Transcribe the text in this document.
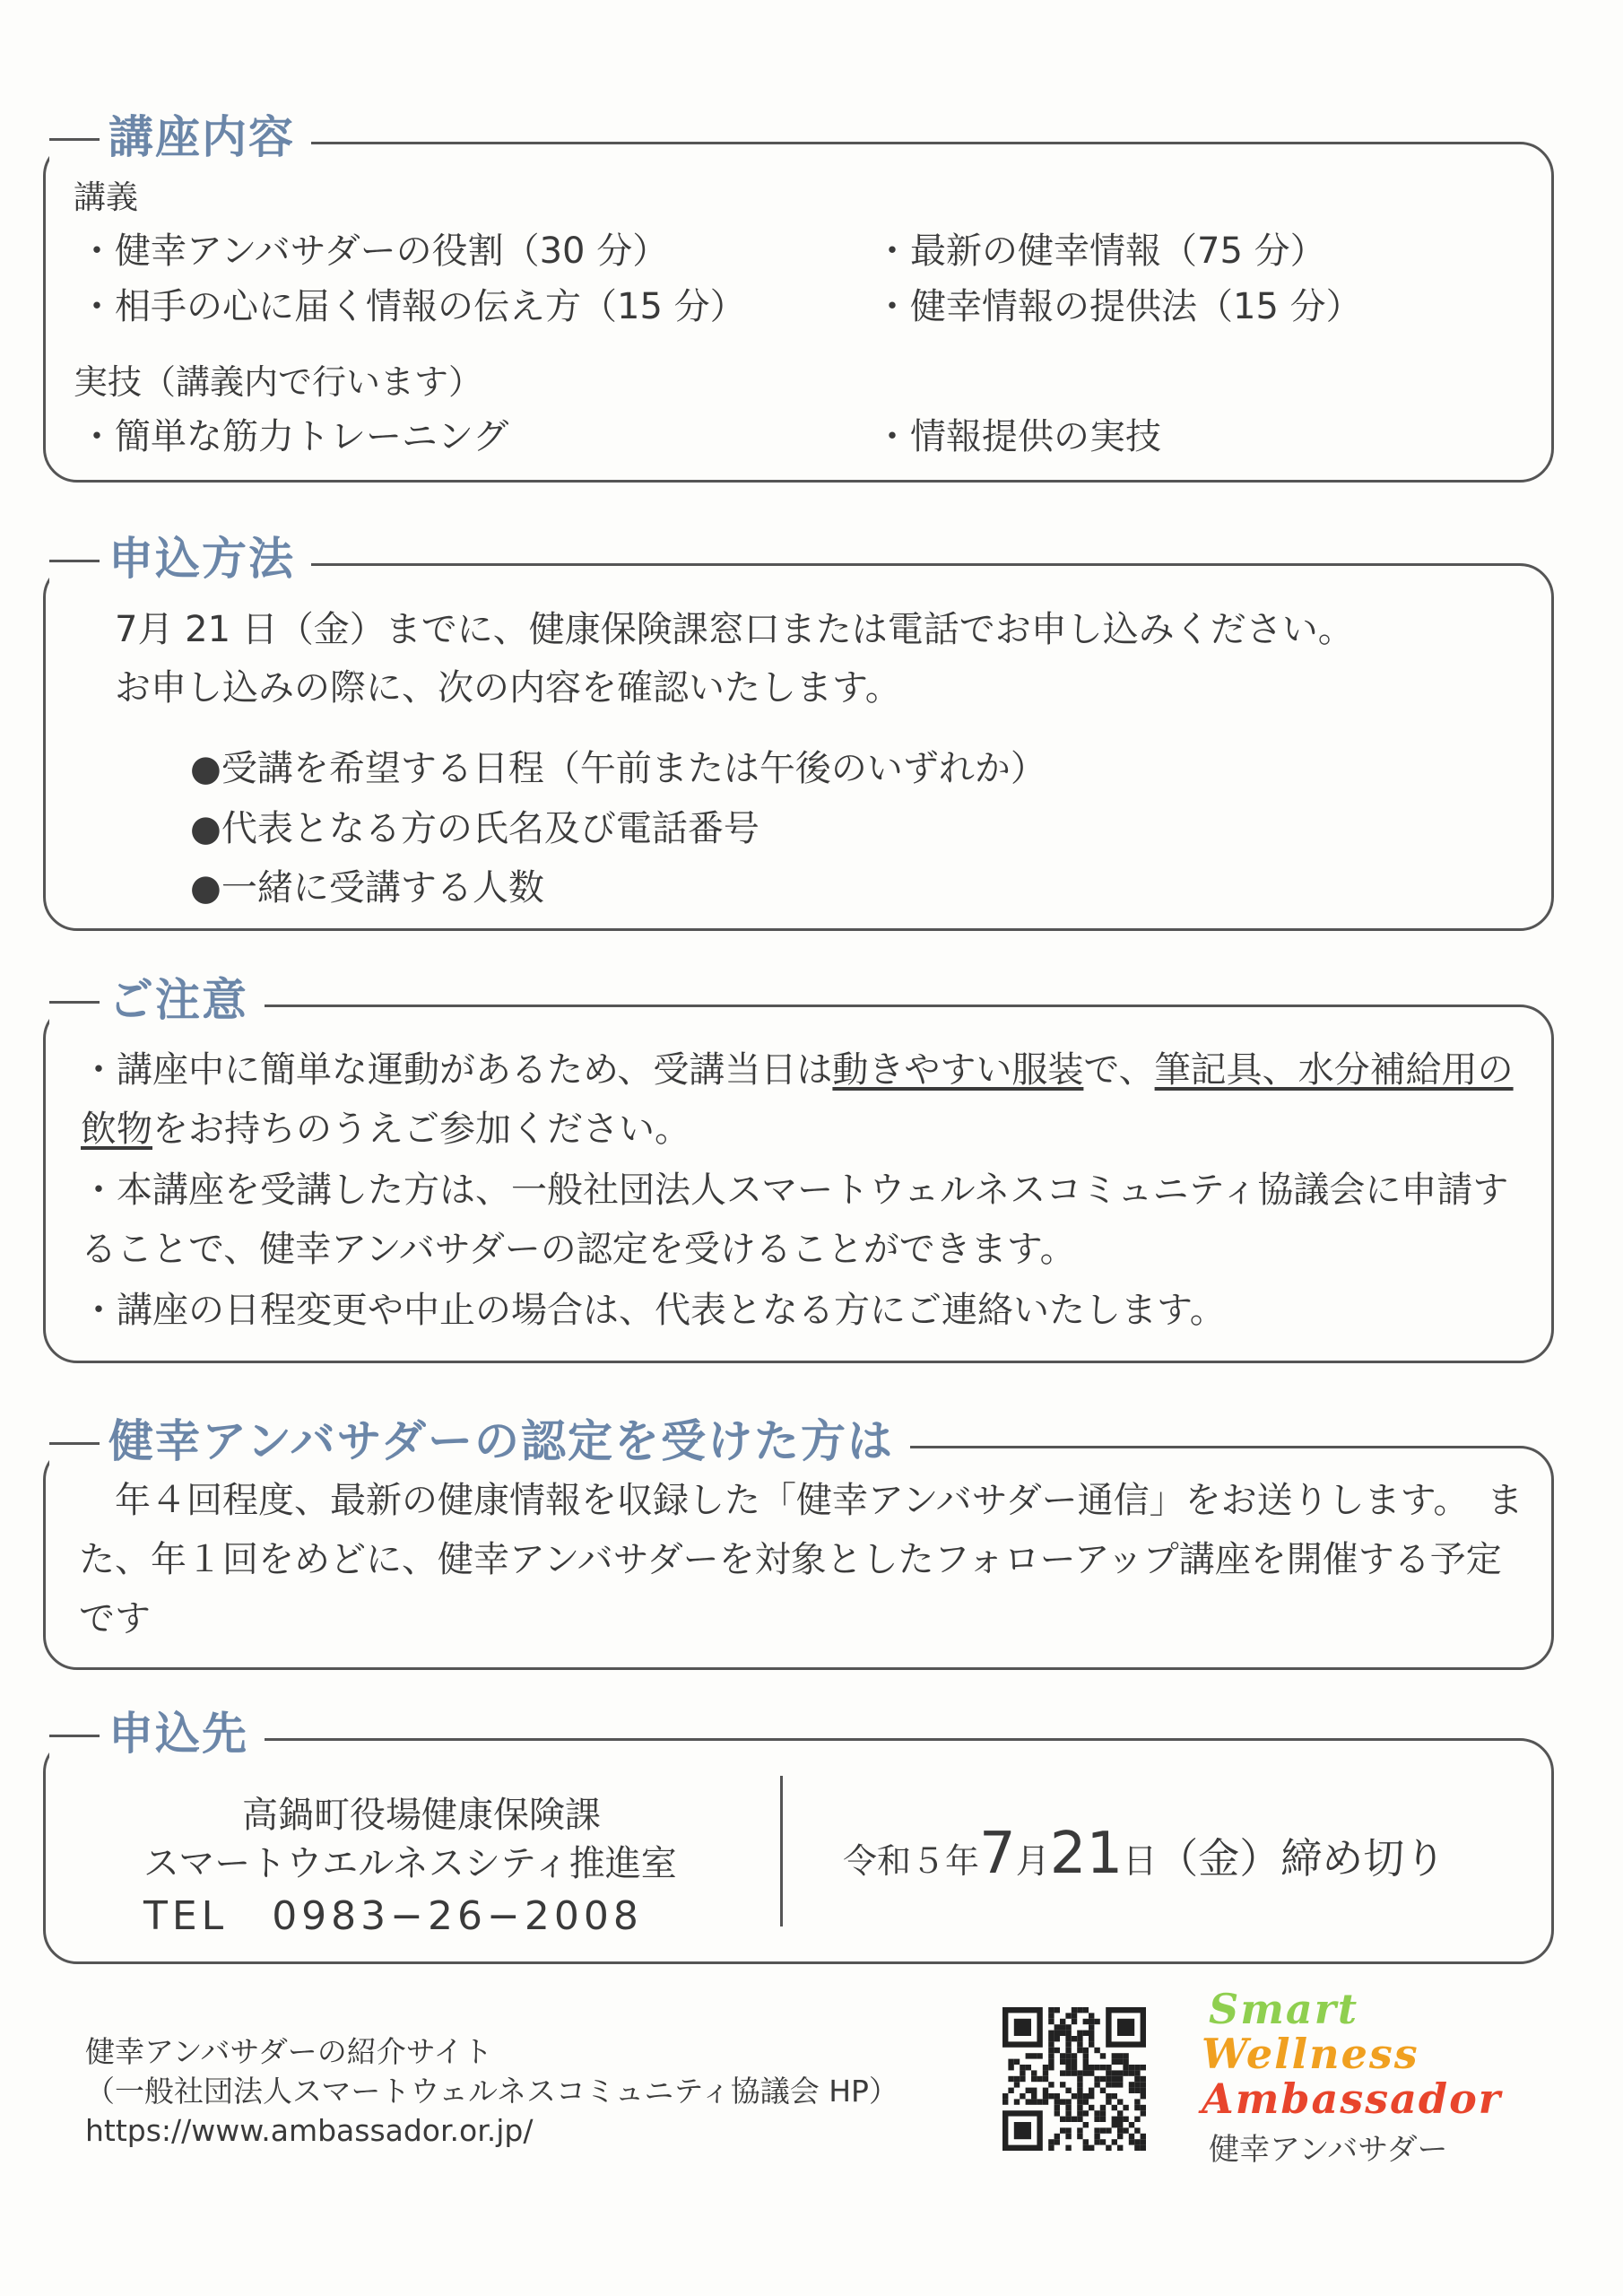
講座内容
講義
・健幸アンバサダーの役割（30 分）	・最新の健幸情報（75 分）
・相手の心に届く情報の伝え方（15 分）	・健幸情報の提供法（15 分）
実技（講義内で行います）
・簡単な筋力トレーニング	・情報提供の実技
申込方法
7月 21 日（金）までに、健康保険課窓口または電話でお申し込みください。
お申し込みの際に、次の内容を確認いたします。
●受講を希望する日程（午前または午後のいずれか）
●代表となる方の氏名及び電話番号
●一緒に受講する人数
ご注意
・講座中に簡単な運動があるため、受講当日は動きやすい服装で、筆記具、水分補給用の飲物をお持ちのうえご参加ください。
・本講座を受講した方は、一般社団法人スマートウェルネスコミュニティ協議会に申請することで、健幸アンバサダーの認定を受けることができます。
・講座の日程変更や中止の場合は、代表となる方にご連絡いたします。
健幸アンバサダーの認定を受けた方は
　年４回程度、最新の健康情報を収録した「健幸アンバサダー通信」をお送りします。　また、年１回をめどに、健幸アンバサダーを対象としたフォローアップ講座を開催する予定です
申込先
高鍋町役場健康保険課
スマートウエルネスシティ推進室
TEL　0983−26−2008
令和５年7月21日（金）締め切り
健幸アンバサダーの紹介サイト
（一般社団法人スマートウェルネスコミュニティ協議会 HP）
https://www.ambassador.or.jp/
Smart
Wellness
Ambassador
健幸アンバサダー
